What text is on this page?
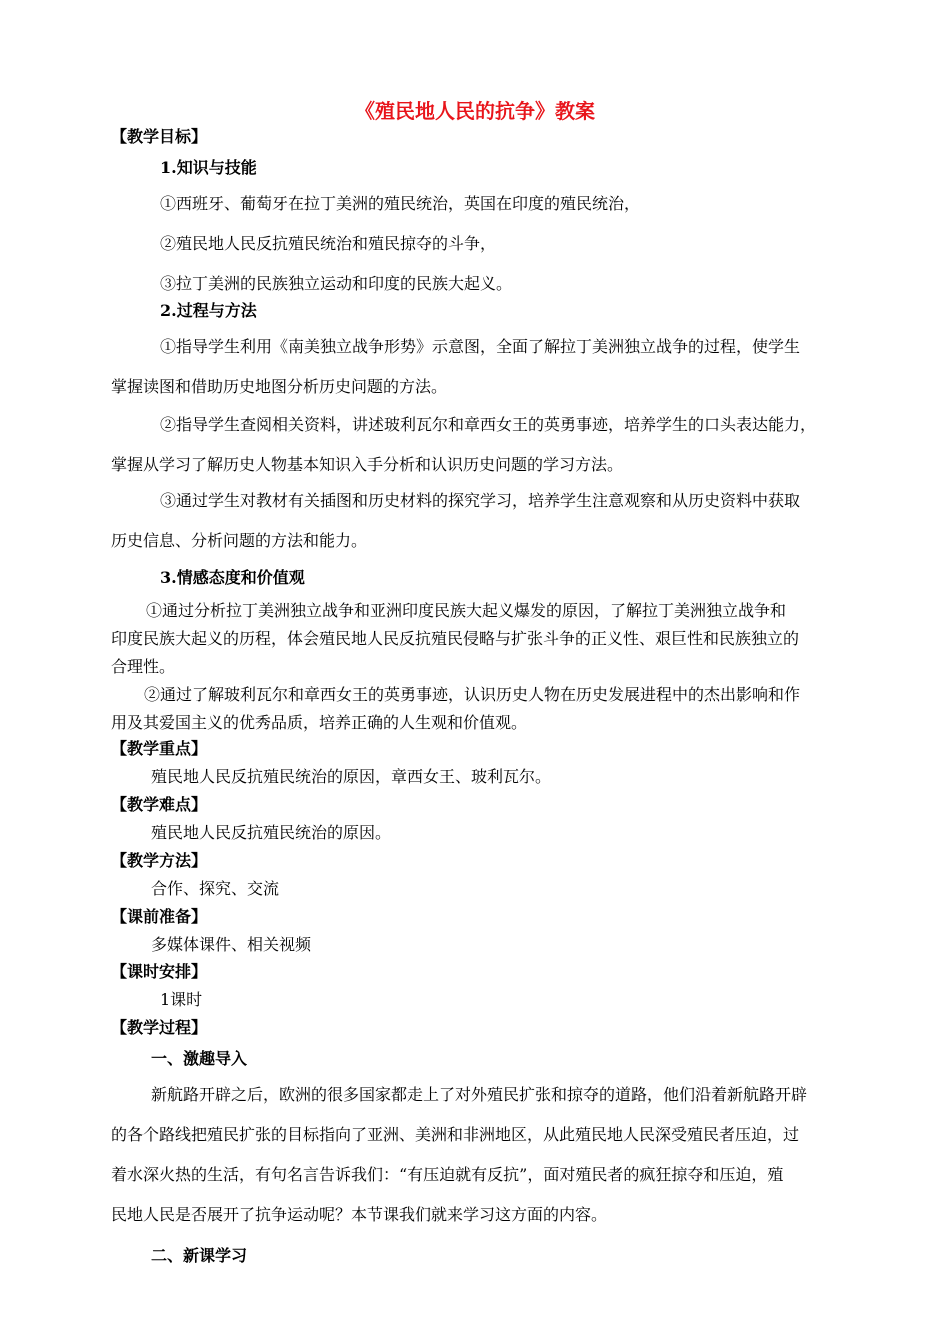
《殖民地人民的抗争》教案
【教学目标】
1.知识与技能
①西班牙、葡萄牙在拉丁美洲的殖民统治，英国在印度的殖民统治，
②殖民地人民反抗殖民统治和殖民掠夺的斗争，
③拉丁美洲的民族独立运动和印度的民族大起义。
2.过程与方法
①指导学生利用《南美独立战争形势》示意图，全面了解拉丁美洲独立战争的过程，使学生
掌握读图和借助历史地图分析历史问题的方法。
②指导学生查阅相关资料，讲述玻利瓦尔和章西女王的英勇事迹，培养学生的口头表达能力，
掌握从学习了解历史人物基本知识入手分析和认识历史问题的学习方法。
③通过学生对教材有关插图和历史材料的探究学习，培养学生注意观察和从历史资料中获取
历史信息、分析问题的方法和能力。
3.情感态度和价值观
①通过分析拉丁美洲独立战争和亚洲印度民族大起义爆发的原因，了解拉丁美洲独立战争和
印度民族大起义的历程，体会殖民地人民反抗殖民侵略与扩张斗争的正义性、艰巨性和民族独立的
合理性。
②通过了解玻利瓦尔和章西女王的英勇事迹，认识历史人物在历史发展进程中的杰出影响和作
用及其爱国主义的优秀品质，培养正确的人生观和价值观。
【教学重点】
殖民地人民反抗殖民统治的原因，章西女王、玻利瓦尔。
【教学难点】
殖民地人民反抗殖民统治的原因。
【教学方法】
合作、探究、交流
【课前准备】
多媒体课件、相关视频
【课时安排】
1课时
【教学过程】
一、激趣导入
新航路开辟之后，欧洲的很多国家都走上了对外殖民扩张和掠夺的道路，他们沿着新航路开辟
的各个路线把殖民扩张的目标指向了亚洲、美洲和非洲地区，从此殖民地人民深受殖民者压迫，过
着水深火热的生活，有句名言告诉我们：“有压迫就有反抗”，面对殖民者的疯狂掠夺和压迫，殖
民地人民是否展开了抗争运动呢？本节课我们就来学习这方面的内容。
二、新课学习
